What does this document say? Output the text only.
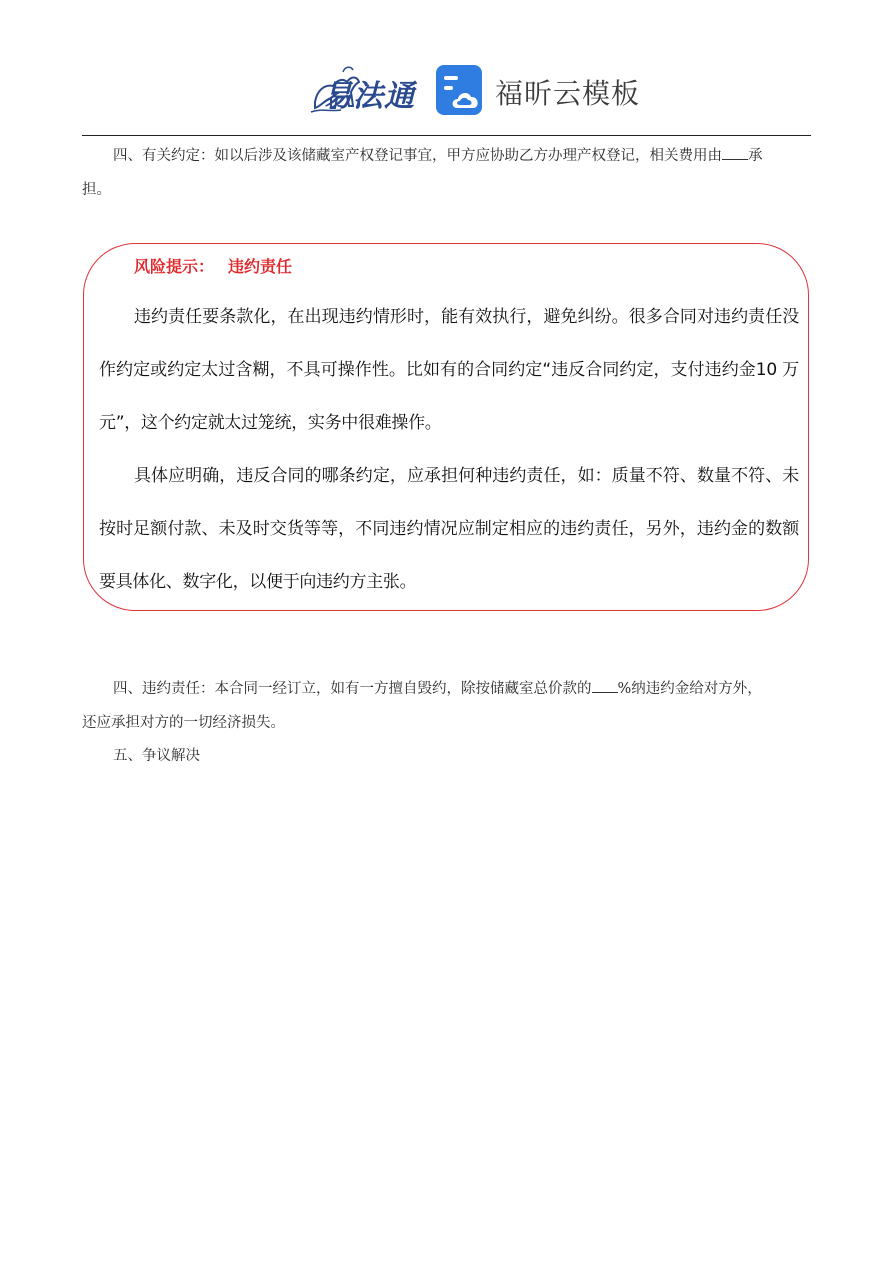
易法通	福昕云模板
四、有关约定：如以后涉及该储藏室产权登记事宜，甲方应协助乙方办理产权登记，相关费用由 承
担。
风险提示： 违约责任

违约责任要条款化，在出现违约情形时，能有效执行，避免纠纷。很多合同对违约责任没作约定或约定太过含糊，不具可操作性。比如有的合同约定“违反合同约定，支付违约金10 万元”，这个约定就太过笼统，实务中很难操作。

具体应明确，违反合同的哪条约定，应承担何种违约责任，如：质量不符、数量不符、未按时足额付款、未及时交货等等，不同违约情况应制定相应的违约责任，另外，违约金的数额要具体化、数字化，以便于向违约方主张。

四、违约责任：本合同一经订立，如有一方擅自毁约，除按储藏室总价款的 %纳违约金给对方外，
还应承担对方的一切经济损失。
五、争议解决
